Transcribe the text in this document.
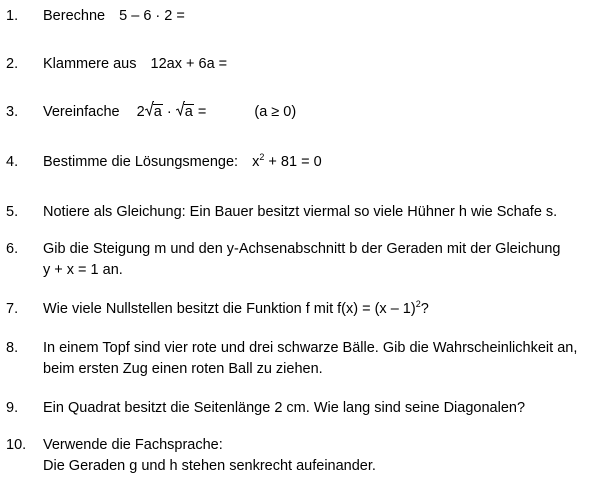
1. Berechne 5 – 6 · 2 =
2. Klammere aus 12ax + 6a =
3. Vereinfache 2 a · a =	(a ≥ 0)
4. Bestimme die Lösungsmenge: $x^2 + 81 = 0$
5. Notiere als Gleichung: Ein Bauer besitzt viermal so viele Hühner h wie Schafe s.
6. Gib die Steigung m und den y-Achsenabschnitt b der Geraden mit der Gleichung
y + x = 1 an.
7. Wie viele Nullstellen besitzt die Funktion f mit f(x) = (x – 1)$^2$?
8. In einem Topf sind vier rote und drei schwarze Bälle. Gib die Wahrscheinlichkeit an,
beim ersten Zug einen roten Ball zu ziehen.
9. Ein Quadrat besitzt die Seitenlänge 2 cm. Wie lang sind seine Diagonalen?
10. Verwende die Fachsprache:
Die Geraden g und h stehen senkrecht aufeinander.
